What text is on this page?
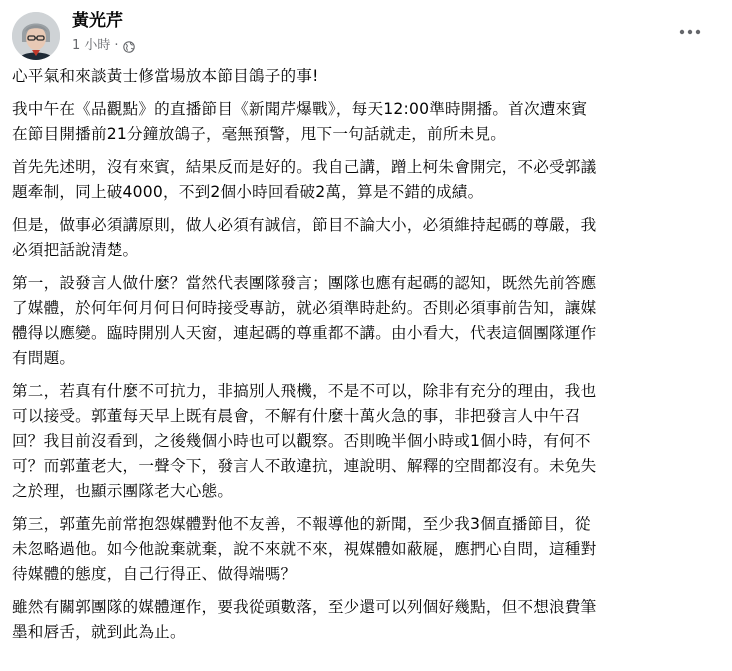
黃光芹
1 小時 ·

心平氣和來談黃士修當場放本節目鴿子的事!

我中午在《品觀點》的直播節目《新聞芹爆戰》，每天12:00準時開播。首次遭來賓
在節目開播前21分鐘放鴿子，毫無預警，甩下一句話就走，前所未見。

首先先述明，沒有來賓，結果反而是好的。我自己講，蹭上柯朱會開完，不必受郭議
題牽制，同上破4000，不到2個小時回看破2萬，算是不錯的成績。

但是，做事必須講原則，做人必須有誠信，節目不論大小，必須維持起碼的尊嚴，我
必須把話說清楚。

第一，設發言人做什麼？當然代表團隊發言；團隊也應有起碼的認知，既然先前答應
了媒體，於何年何月何日何時接受專訪，就必須準時赴約。否則必須事前告知，讓媒
體得以應變。臨時開別人天窗，連起碼的尊重都不講。由小看大，代表這個團隊運作
有問題。

第二，若真有什麼不可抗力，非搞別人飛機，不是不可以，除非有充分的理由，我也
可以接受。郭董每天早上既有晨會，不解有什麼十萬火急的事，非把發言人中午召
回？我目前沒看到，之後幾個小時也可以觀察。否則晚半個小時或1個小時，有何不
可？而郭董老大，一聲令下，發言人不敢違抗，連說明、解釋的空間都沒有。未免失
之於理，也顯示團隊老大心態。

第三，郭董先前常抱怨媒體對他不友善，不報導他的新聞，至少我3個直播節目，從
未忽略過他。如今他說棄就棄，說不來就不來，視媒體如蔽屣，應捫心自問，這種對
待媒體的態度，自己行得正、做得端嗎？

雖然有關郭團隊的媒體運作，要我從頭數落，至少還可以列個好幾點，但不想浪費筆
墨和唇舌，就到此為止。
